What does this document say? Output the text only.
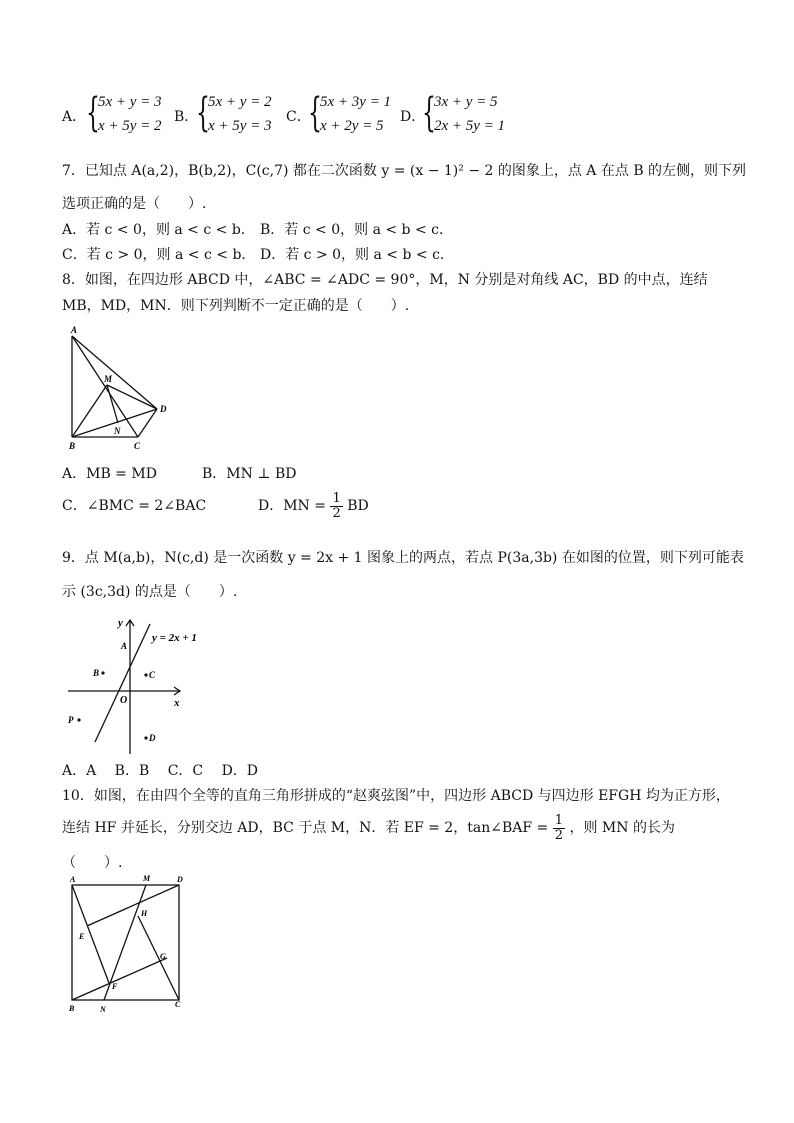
A． {
5x + y = 3
x + 5y = 2
B．
{
5x + y = 2
x + 5y = 3
C．
{
5x + 3y = 1
x + 2y = 5
D．
{
3x + y = 5
2x + 5y = 1
7．已知点 A(a,2)，B(b,2)，C(c,7) 都在二次函数 y = (x − 1)² − 2 的图象上，点 A 在点 B 的左侧，则下列
选项正确的是（　　）.
A．若 c < 0，则 a < c < b． B．若 c < 0，则 a < b < c．
C．若 c > 0，则 a < c < b． D．若 c > 0，则 a < b < c．
8．如图，在四边形 ABCD 中，∠ABC = ∠ADC = 90°，M，N 分别是对角线 AC，BD 的中点，连结
MB，MD，MN．则下列判断不一定正确的是（　　）.
A
B	C
D
M
N
A．MB = MD	B．MN ⊥ BD
C．∠BMC = 2∠BAC	D．MN = $\frac{1}{2}$ BD
9．点 M(a,b)，N(c,d) 是一次函数 y = 2x + 1 图象上的两点，若点 P(3a,3b) 在如图的位置，则下列可能表
示 (3c,3d) 的点是（　　）.
y
x
O
y = 2x + 1
A
B	C
P
D
A．A　 B．B　 C．C　 D．D
10．如图，在由四个全等的直角三角形拼成的“赵爽弦图”中，四边形 ABCD 与四边形 EFGH 均为正方形，
连结 HF 并延长，分别交边 AD，BC 于点 M，N．若 EF = 2，tan∠BAF = $\frac{1}{2}$ ，则 MN 的长为
（　　）.
A
B	C
D
E
F
G
H
M
N
